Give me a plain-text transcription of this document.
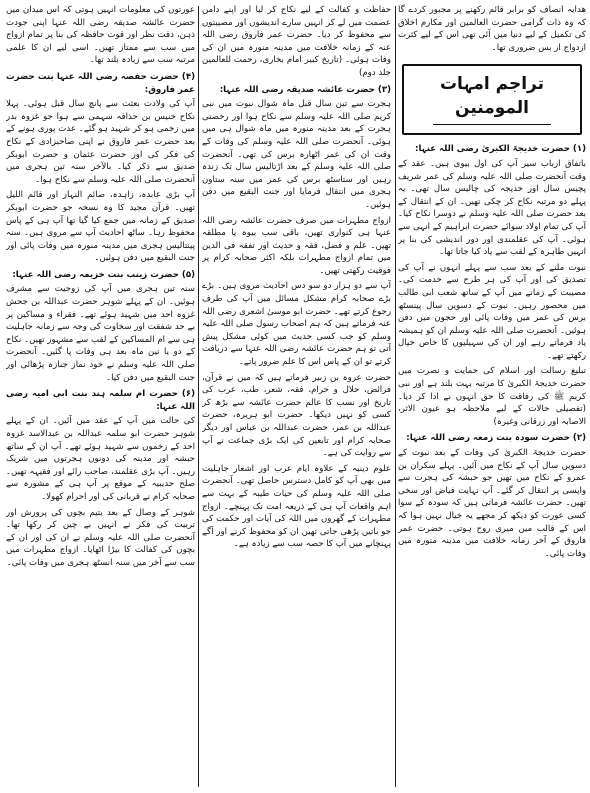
ھدایہ انصاف کو برابر قائم رکھنے پر مجبور کردے گا کہ وہ ذات گرامی حضرت العالمین اور مکارم اخلاق کی تکمیل کے لیے دنیا میں آئی تھی اس کے لیے کثرت ازدواج از بس ضروری تھا۔

تراجم امہات المومنین

(۱) حضرت خدیجۃ الکبریٰ رضی اللہ عنہا:

باتفاق ارباب سیر آپ کی اول بیوی ہیں۔ عقد کے وقت آنحضرت صلی اللہ علیہ وسلم کی عمر شریف پچیس سال اور خدیجہ کی چالیس سال تھی۔ یہ پہلے دو مرتبہ نکاح کر چکی تھیں۔ ان کے انتقال کے بعد حضرت صلی اللہ علیہ وسلم نے دوسرا نکاح کیا۔ آپ کی تمام اولاد سوائے حضرت ابراہیم کے انہی سے ہوئی۔ آپ کی عقلمندی اور دور اندیشی کی بنا پر انہیں طاہرہ کے لقب سے یاد کیا جاتا تھا۔

نبوت ملنے کے بعد سب سے پہلے انہوں نے آپ کی تصدیق کی اور آپ کی ہر طرح سے خدمت کی۔ مصیبت کے زمانے میں آپ کے ساتھ شعب ابی طالب میں محصور رہیں۔ نبوت کے دسویں سال پینسٹھ برس کی عمر میں وفات پائی اور حجون میں دفن ہوئیں۔ آنحضرت صلی اللہ علیہ وسلم ان کو ہمیشہ یاد فرماتے رہے اور ان کی سہیلیوں کا خاص خیال رکھتے تھے۔

تبلیغ رسالت اور اسلام کی حمایت و نصرت میں حضرت خدیجۃ الکبریٰ کا مرتبہ بہت بلند ہے اور نبی کریم ﷺ کی رفاقت کا حق انہوں نے ادا کر دیا۔ (تفصیلی حالات کے لیے ملاحظہ ہو عیون الاثر، الاصابہ اور زرقانی وغیرہ)

(۲) حضرت سودہ بنت زمعہ رضی اللہ عنہا:

حضرت خدیجۃ الکبریٰ کی وفات کے بعد نبوت کے دسویں سال آپ کے نکاح میں آئیں۔ پہلے سکران بن عمرو کے نکاح میں تھیں جو حبشہ کی ہجرت سے واپسی پر انتقال کر گئے۔ آپ نہایت فیاض اور سخی تھیں۔ حضرت عائشہ فرماتی ہیں کہ سودہ کے سوا کسی عورت کو دیکھ کر مجھے یہ خیال نہیں ہوا کہ اس کے قالب میں میری روح ہوتی۔ حضرت عمر فاروق کے آخر زمانہ خلافت میں مدینہ منورہ میں وفات پائی۔

حفاظت و کفالت کے لیے نکاح کر لیا اور اپنے دامن عصمت میں لے کر انہیں سارے اندیشوں اور مصیبتوں سے محفوظ کر دیا۔ حضرت عمر فاروق رضی اللہ عنہ کے زمانہ خلافت میں مدینہ منورہ میں ان کی وفات ہوئی۔ (تاریخ کبیر امام بخاری، رحمت للعالمین جلد دوم)

(۳) حضرت عائشہ صدیقہ رضی اللہ عنہا:

ہجرت سے تین سال قبل ماہ شوال نبوت میں نبی کریم صلی اللہ علیہ وسلم سے نکاح ہوا اور رخصتی ہجرت کے بعد مدینہ منورہ میں ماہ شوال ہی میں ہوئی۔ آنحضرت صلی اللہ علیہ وسلم کی وفات کے وقت ان کی عمر اٹھارہ برس کی تھی۔ آنحضرت صلی اللہ علیہ وسلم کے بعد اڑتالیس سال تک زندہ رہیں اور ستاسٹھ برس کی عمر میں سنہ ستاون ہجری میں انتقال فرمایا اور جنت البقیع میں دفن ہوئیں۔

ازواج مطہرات میں صرف حضرت عائشہ رضی اللہ عنہا ہی کنواری تھیں، باقی سب بیوہ یا مطلقہ تھیں۔ علم و فضل، فقہ و حدیث اور تفقہ فی الدین میں تمام ازواج مطہرات بلکہ اکثر صحابہ کرام پر فوقیت رکھتی تھیں۔

آپ سے دو ہزار دو سو دس احادیث مروی ہیں۔ بڑے بڑے صحابہ کرام مشکل مسائل میں آپ کی طرف رجوع کرتے تھے۔ حضرت ابو موسیٰ اشعری رضی اللہ عنہ فرماتے ہیں کہ ہم اصحاب رسول صلی اللہ علیہ وسلم کو جب کسی حدیث میں کوئی مشکل پیش آتی تو ہم حضرت عائشہ رضی اللہ عنہا سے دریافت کرتے تو ان کے پاس اس کا علم ضرور پاتے۔

حضرت عروہ بن زبیر فرماتے ہیں کہ میں نے قرآن، فرائض، حلال و حرام، فقہ، شعر، طب، عرب کی تاریخ اور نسب کا عالم حضرت عائشہ سے بڑھ کر کسی کو نہیں دیکھا۔ حضرت ابو ہریرہ، حضرت عبداللہ بن عمر، حضرت عبداللہ بن عباس اور دیگر صحابہ کرام اور تابعین کی ایک بڑی جماعت نے آپ سے روایت کی ہے۔

علوم دینیہ کے علاوہ ایام عرب اور اشعار جاہلیت میں بھی آپ کو کامل دسترس حاصل تھی۔ آنحضرت صلی اللہ علیہ وسلم کی حیات طیبہ کے بہت سے اہم واقعات آپ ہی کے ذریعہ امت تک پہنچے۔ ازواج مطہرات کے گھروں میں اللہ کی آیات اور حکمت کی جو باتیں پڑھی جاتی تھیں ان کو محفوظ کرنے اور آگے پہنچانے میں آپ کا حصہ سب سے زیادہ ہے۔

عورتوں کی معلومات انہیں ہوتی کہ اس میدان میں حضرت عائشہ صدیقہ رضی اللہ عنہا اپنی جودت ذہن، دقت نظر اور قوت حافظہ کی بنا پر تمام ازواج میں سب سے ممتاز تھیں۔ اسی لیے ان کا علمی مرتبہ سب سے زیادہ بلند تھا۔

(۴) حضرت حفصہ رضی اللہ عنہا بنت حضرت عمر فاروق:

آپ کی ولادت بعثت سے پانچ سال قبل ہوئی۔ پہلا نکاح خنیس بن حذافہ سہمی سے ہوا جو غزوہ بدر میں زخمی ہو کر شہید ہو گئے۔ عدت پوری ہونے کے بعد حضرت عمر فاروق نے اپنی صاحبزادی کے نکاح کی فکر کی اور حضرت عثمان و حضرت ابوبکر صدیق سے ذکر کیا۔ بالآخر سنہ تین ہجری میں آنحضرت صلی اللہ علیہ وسلم سے نکاح ہوا۔

آپ بڑی عابدہ، زاہدہ، صائم النہار اور قائم اللیل تھیں۔ قرآن مجید کا وہ نسخہ جو حضرت ابوبکر صدیق کے زمانہ میں جمع کیا گیا تھا آپ ہی کے پاس محفوظ رہا۔ ساٹھ احادیث آپ سے مروی ہیں۔ سنہ پینتالیس ہجری میں مدینہ منورہ میں وفات پائی اور جنت البقیع میں دفن ہوئیں۔

(۵) حضرت زینب بنت خزیمہ رضی اللہ عنہا:

سنہ تین ہجری میں آپ کی زوجیت سے مشرف ہوئیں۔ ان کے پہلے شوہر حضرت عبداللہ بن جحش غزوہ احد میں شہید ہوئے تھے۔ فقراء و مساکین پر بے حد شفقت اور سخاوت کی وجہ سے زمانہ جاہلیت ہی سے ام المساکین کے لقب سے مشہور تھیں۔ نکاح کے دو یا تین ماہ بعد ہی وفات پا گئیں۔ آنحضرت صلی اللہ علیہ وسلم نے خود نماز جنازہ پڑھائی اور جنت البقیع میں دفن کیا۔

(۶) حضرت ام سلمہ ہند بنت ابی امیہ رضی اللہ عنہا:

کی حالت میں آپ کے عقد میں آئیں۔ ان کے پہلے شوہر حضرت ابو سلمہ عبداللہ بن عبدالاسد غزوہ احد کے زخموں سے شہید ہوئے تھے۔ آپ ان کے ساتھ حبشہ اور مدینہ کی دونوں ہجرتوں میں شریک رہیں۔ آپ بڑی عقلمند، صاحب رائے اور فقیہہ تھیں۔ صلح حدیبیہ کے موقع پر آپ ہی کے مشورہ سے صحابہ کرام نے قربانی کی اور احرام کھولا۔

شوہر کے وصال کے بعد یتیم بچوں کی پرورش اور تربیت کی فکر نے انہیں بے چین کر رکھا تھا۔ آنحضرت صلی اللہ علیہ وسلم نے ان کی اور ان کے بچوں کی کفالت کا بیڑا اٹھایا۔ ازواج مطہرات میں سب سے آخر میں سنہ انسٹھ ہجری میں وفات پائی۔
